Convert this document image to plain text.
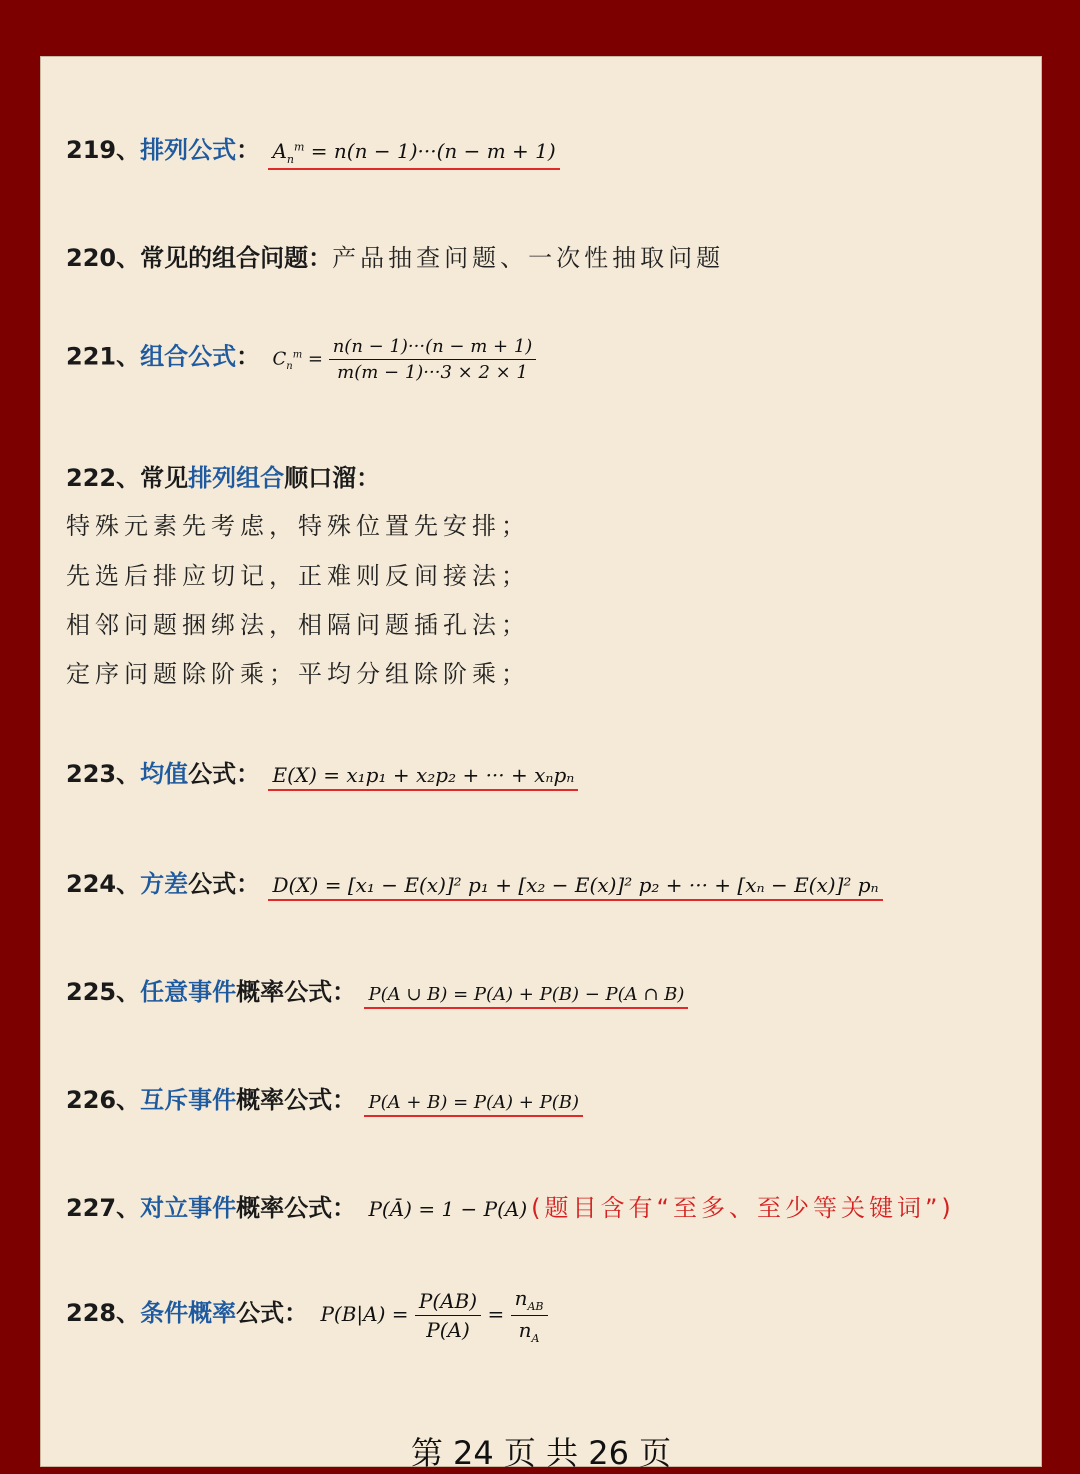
219、排列公式： $A_n^m = n(n - 1)\cdot\cdot\cdot(n - m + 1)$
220、常见的组合问题：产品抽查问题、一次性抽取问题
221、组合公式： $C_n^m = \frac{n(n - 1)\cdot\cdot\cdot(n - m + 1)}{m(m - 1)\cdot\cdot\cdot 3 \times 2 \times 1}$
222、常见排列组合顺口溜：
特殊元素先考虑，特殊位置先安排；
先选后排应切记，正难则反间接法；
相邻问题捆绑法，相隔问题插孔法；
定序问题除阶乘；平均分组除阶乘；
223、均值公式： E(X) = x₁p₁ + x₂p₂ + ··· + xₙpₙ
224、方差公式： D(X) = [x₁ − E(x)]² p₁ + [x₂ − E(x)]² p₂ + ··· + [xₙ − E(x)]² pₙ
225、任意事件概率公式： P(A ∪ B) = P(A) + P(B) − P(A ∩ B)
226、互斥事件概率公式： P(A + B) = P(A) + P(B)
227、对立事件概率公式： P(Ā) = 1 − P(A) (题目含有“至多、至少等关键词”)
228、条件概率公式： $P(B|A) = \frac{P(AB)}{P(A)} = \frac{n_{AB}}{n_A}$
第 24 页 共 26 页
